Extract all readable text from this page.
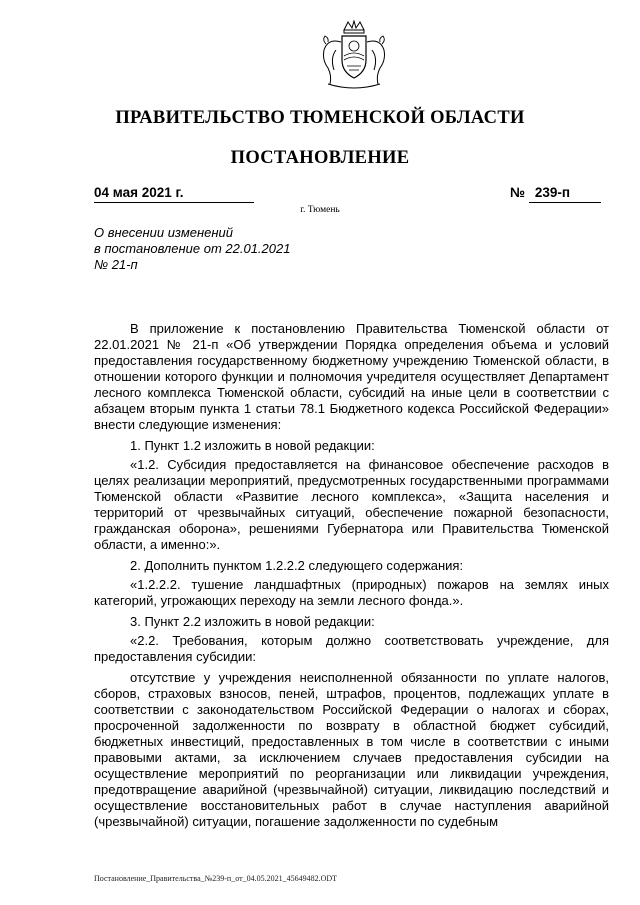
ПРАВИТЕЛЬСТВО ТЮМЕНСКОЙ ОБЛАСТИ
ПОСТАНОВЛЕНИЕ
04 мая 2021 г.	№ 239-п
г. Тюмень
О внесении изменений
в постановление от 22.01.2021
№ 21-п

В приложение к постановлению Правительства Тюменской области от 22.01.2021 № 21-п «Об утверждении Порядка определения объема и условий предоставления государственному бюджетному учреждению Тюменской области, в отношении которого функции и полномочия учредителя осуществляет Департамент лесного комплекса Тюменской области, субсидий на иные цели в соответствии с абзацем вторым пункта 1 статьи 78.1 Бюджетного кодекса Российской Федерации» внести следующие изменения:

1. Пункт 1.2 изложить в новой редакции:

«1.2. Субсидия предоставляется на финансовое обеспечение расходов в целях реализации мероприятий, предусмотренных государственными программами Тюменской области «Развитие лесного комплекса», «Защита населения и территорий от чрезвычайных ситуаций, обеспечение пожарной безопасности, гражданская оборона», решениями Губернатора или Правительства Тюменской области, а именно:».

2. Дополнить пунктом 1.2.2.2 следующего содержания:

«1.2.2.2. тушение ландшафтных (природных) пожаров на землях иных категорий, угрожающих переходу на земли лесного фонда.».

3. Пункт 2.2 изложить в новой редакции:

«2.2. Требования, которым должно соответствовать учреждение, для предоставления субсидии:

отсутствие у учреждения неисполненной обязанности по уплате налогов, сборов, страховых взносов, пеней, штрафов, процентов, подлежащих уплате в соответствии с законодательством Российской Федерации о налогах и сборах, просроченной задолженности по возврату в областной бюджет субсидий, бюджетных инвестиций, предоставленных в том числе в соответствии с иными правовыми актами, за исключением случаев предоставления субсидии на осуществление мероприятий по реорганизации или ликвидации учреждения, предотвращение аварийной (чрезвычайной) ситуации, ликвидацию последствий и осуществление восстановительных работ в случае наступления аварийной (чрезвычайной) ситуации, погашение задолженности по судебным

Постановление_Правительства_№239-п_от_04.05.2021_45649482.ODT
